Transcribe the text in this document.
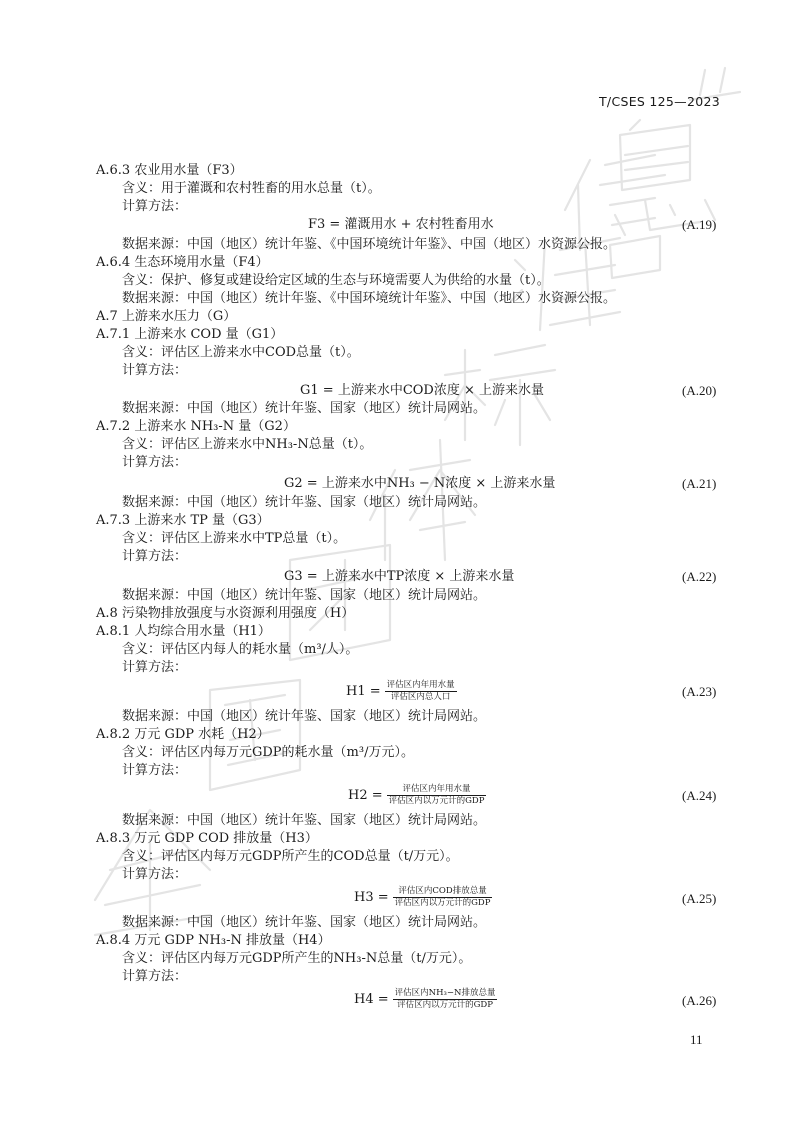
T/CSES 125—2023
A.6.3 农业用水量（F3）
含义：用于灌溉和农村牲畜的用水总量（t）。
计算方法：
F3 = 灌溉用水 + 农村牲畜用水	(A.19)
数据来源：中国（地区）统计年鉴、《中国环境统计年鉴》、中国（地区）水资源公报。
A.6.4 生态环境用水量（F4）
含义：保护、修复或建设给定区域的生态与环境需要人为供给的水量（t）。
数据来源：中国（地区）统计年鉴、《中国环境统计年鉴》、中国（地区）水资源公报。
A.7 上游来水压力（G）
A.7.1 上游来水 COD 量（G1）
含义：评估区上游来水中COD总量（t）。
计算方法：
G1 = 上游来水中COD浓度 × 上游来水量	(A.20)
数据来源：中国（地区）统计年鉴、国家（地区）统计局网站。
A.7.2 上游来水 NH₃-N 量（G2）
含义：评估区上游来水中NH₃-N总量（t）。
计算方法：
G2 = 上游来水中NH₃ − N浓度 × 上游来水量	(A.21)
数据来源：中国（地区）统计年鉴、国家（地区）统计局网站。
A.7.3 上游来水 TP 量（G3）
含义：评估区上游来水中TP总量（t）。
计算方法：
G3 = 上游来水中TP浓度 × 上游来水量	(A.22)
数据来源：中国（地区）统计年鉴、国家（地区）统计局网站。
A.8 污染物排放强度与水资源利用强度（H）
A.8.1 人均综合用水量（H1）
含义：评估区内每人的耗水量（m³/人）。
计算方法：
$H1 = \frac{\text{评估区内年用水量}}{\text{评估区内总人口}}$	(A.23)
数据来源：中国（地区）统计年鉴、国家（地区）统计局网站。
A.8.2 万元 GDP 水耗（H2）
含义：评估区内每万元GDP的耗水量（m³/万元）。
计算方法：
$H2 = \frac{\text{评估区内年用水量}}{\text{评估区内以万元计的GDP}}$	(A.24)
数据来源：中国（地区）统计年鉴、国家（地区）统计局网站。
A.8.3 万元 GDP COD 排放量（H3）
含义：评估区内每万元GDP所产生的COD总量（t/万元）。
计算方法：
$H3 = \frac{\text{评估区内COD排放总量}}{\text{评估区内以万元计的GDP}}$	(A.25)
数据来源：中国（地区）统计年鉴、国家（地区）统计局网站。
A.8.4 万元 GDP NH₃-N 排放量（H4）
含义：评估区内每万元GDP所产生的NH₃-N总量（t/万元）。
计算方法：
$H4 = \frac{\text{评估区内NH₃−N排放总量}}{\text{评估区内以万元计的GDP}}$	(A.26)
11
